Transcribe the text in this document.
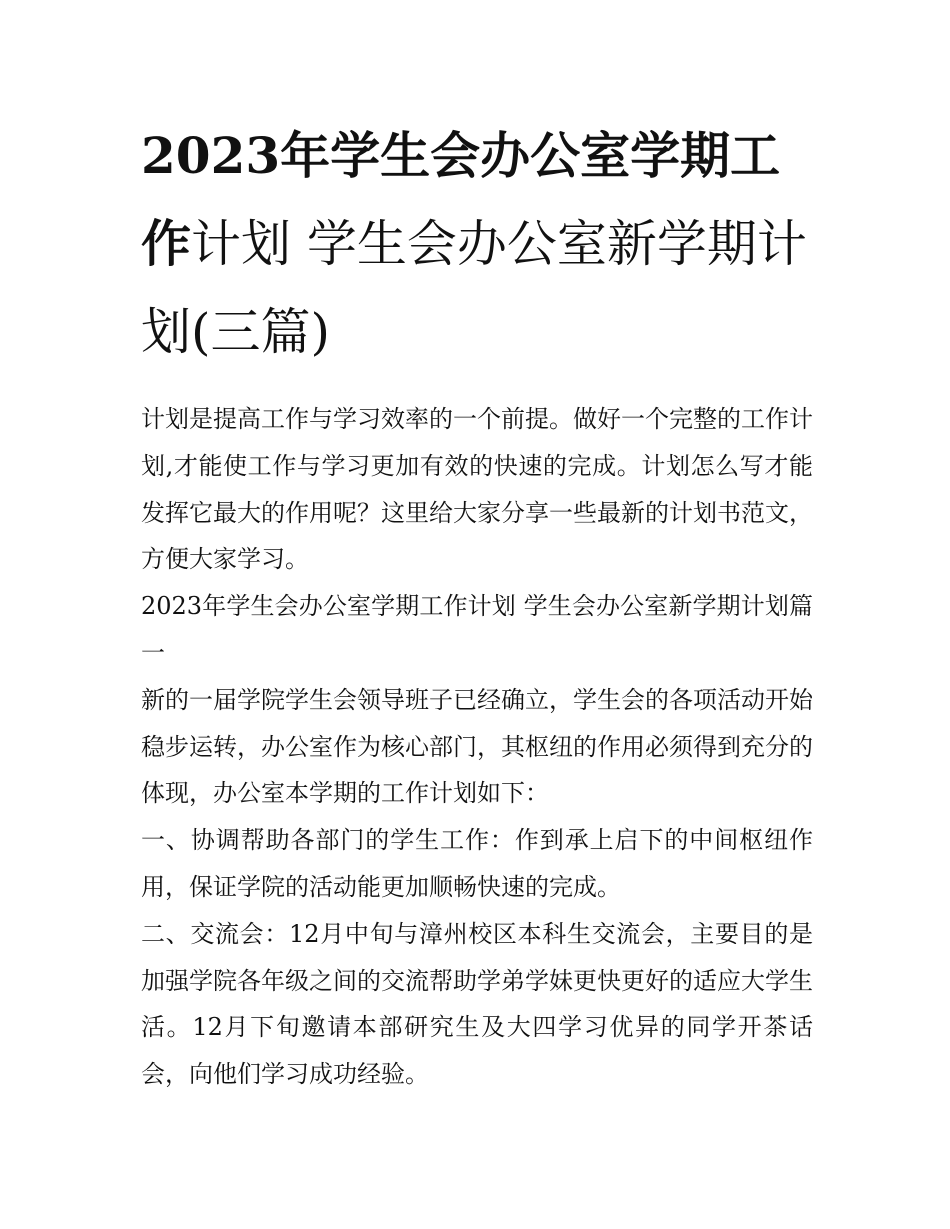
2023年学生会办公室学期工作计划 学生会办公室新学期计划(三篇)

计划是提高工作与学习效率的一个前提。做好一个完整的工作计划,才能使工作与学习更加有效的快速的完成。计划怎么写才能发挥它最大的作用呢？这里给大家分享一些最新的计划书范文，方便大家学习。

2023年学生会办公室学期工作计划 学生会办公室新学期计划篇一

新的一届学院学生会领导班子已经确立，学生会的各项活动开始稳步运转，办公室作为核心部门，其枢纽的作用必须得到充分的体现，办公室本学期的工作计划如下：

一、协调帮助各部门的学生工作：作到承上启下的中间枢纽作用，保证学院的活动能更加顺畅快速的完成。

二、交流会：12月中旬与漳州校区本科生交流会，主要目的是加强学院各年级之间的交流帮助学弟学妹更快更好的适应大学生活。12月下旬邀请本部研究生及大四学习优异的同学开茶话会，向他们学习成功经验。
